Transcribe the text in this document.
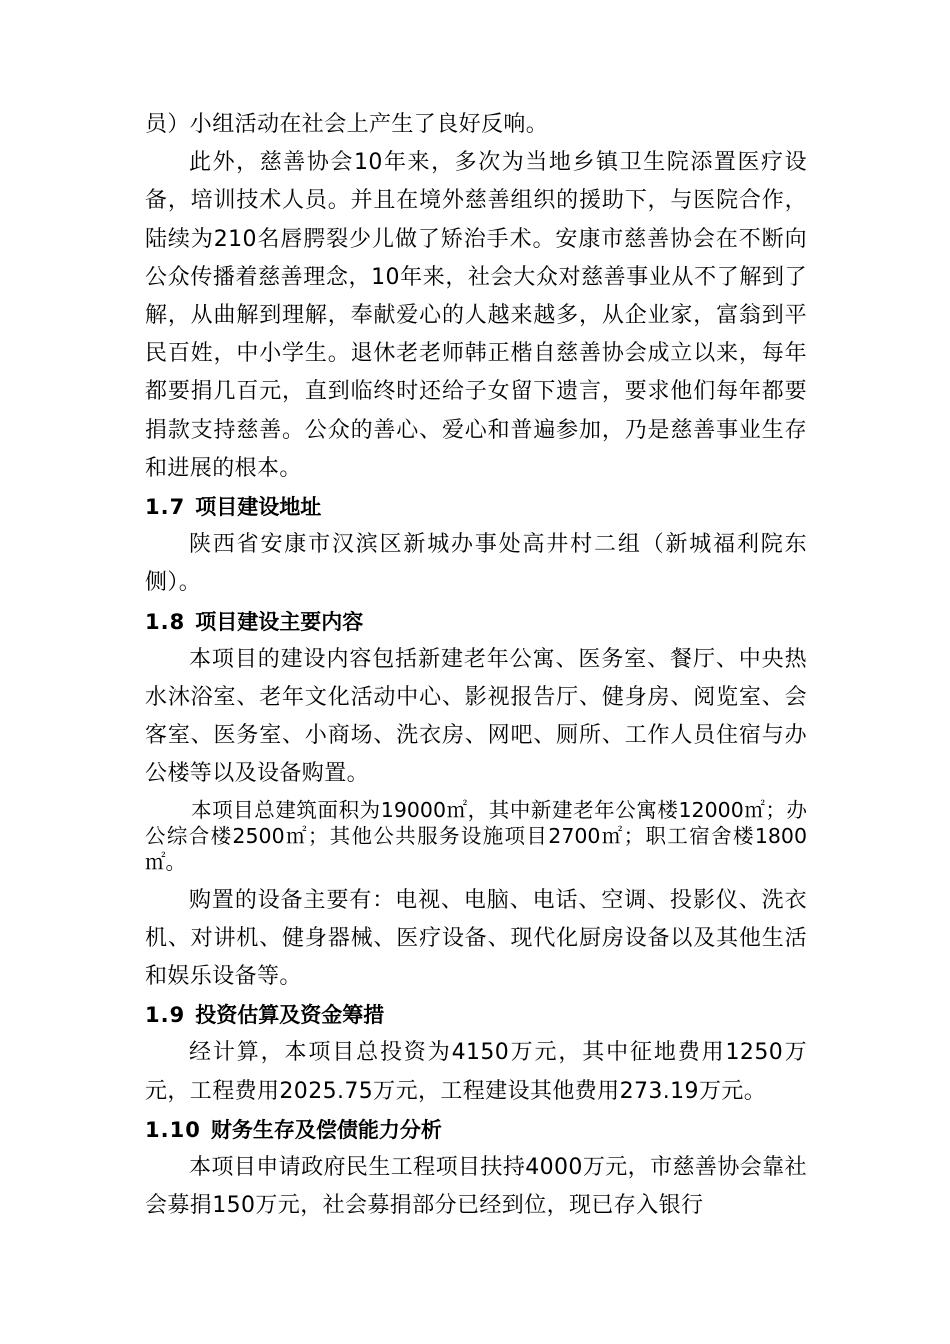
员）小组活动在社会上产生了良好反响。

此外，慈善协会10年来，多次为当地乡镇卫生院添置医疗设备，培训技术人员。并且在境外慈善组织的援助下，与医院合作，陆续为210名唇腭裂少儿做了矫治手术。安康市慈善协会在不断向公众传播着慈善理念，10年来，社会大众对慈善事业从不了解到了解，从曲解到理解，奉献爱心的人越来越多，从企业家，富翁到平民百姓，中小学生。退休老老师韩正楷自慈善协会成立以来，每年都要捐几百元，直到临终时还给子女留下遗言，要求他们每年都要捐款支持慈善。公众的善心、爱心和普遍参加，乃是慈善事业生存和进展的根本。

1.7 项目建设地址

陕西省安康市汉滨区新城办事处高井村二组（新城福利院东侧）。

1.8 项目建设主要内容

本项目的建设内容包括新建老年公寓、医务室、餐厅、中央热水沐浴室、老年文化活动中心、影视报告厅、健身房、阅览室、会客室、医务室、小商场、洗衣房、网吧、厕所、工作人员住宿与办公楼等以及设备购置。

本项目总建筑面积为19000㎡，其中新建老年公寓楼12000㎡；办公综合楼2500㎡；其他公共服务设施项目2700㎡；职工宿舍楼1800㎡。

购置的设备主要有：电视、电脑、电话、空调、投影仪、洗衣机、对讲机、健身器械、医疗设备、现代化厨房设备以及其他生活和娱乐设备等。

1.9 投资估算及资金筹措

经计算，本项目总投资为4150万元，其中征地费用1250万元，工程费用2025.75万元，工程建设其他费用273.19万元。

1.10 财务生存及偿债能力分析

本项目申请政府民生工程项目扶持4000万元，市慈善协会靠社会募捐150万元，社会募捐部分已经到位，现已存入银行
